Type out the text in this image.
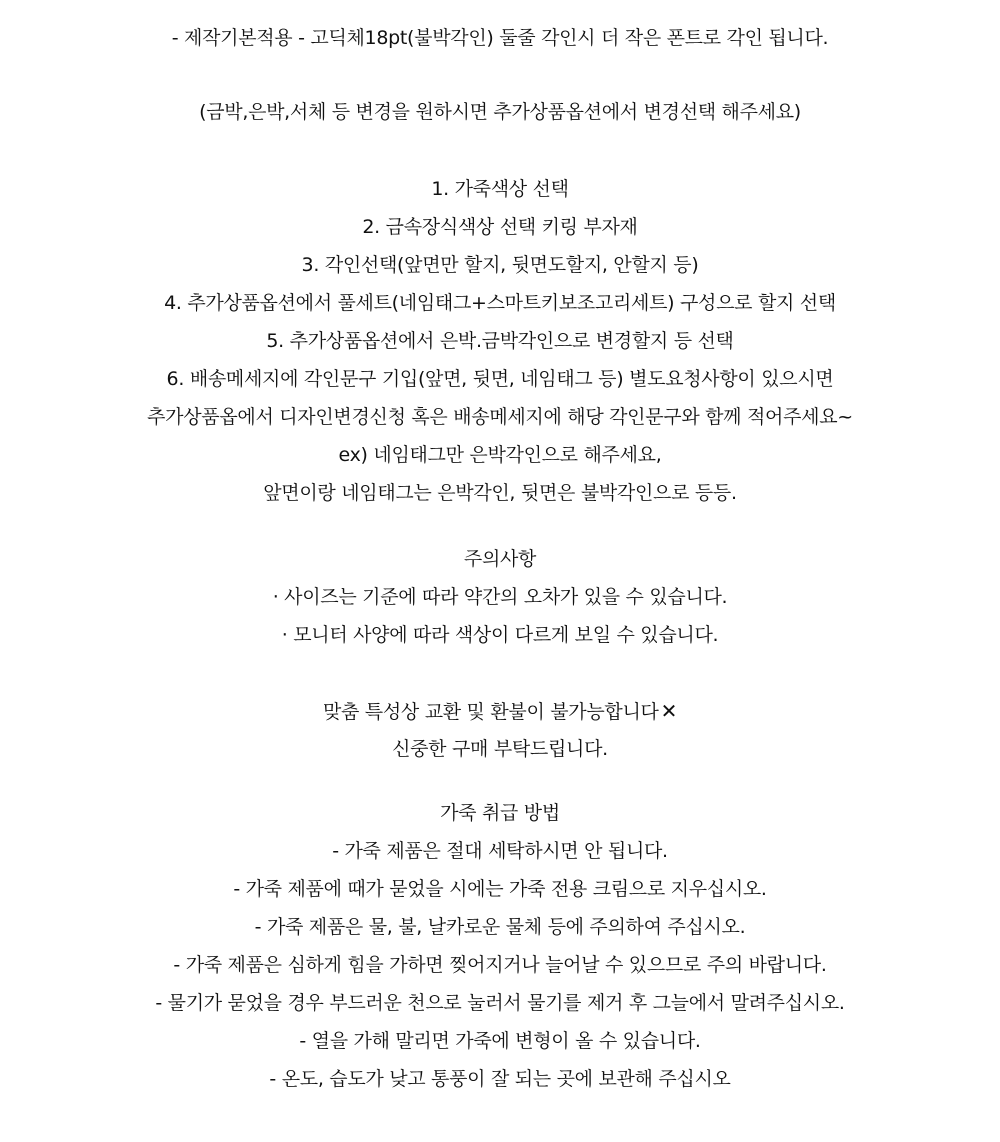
- 제작기본적용 - 고딕체18pt(불박각인) 둘줄 각인시 더 작은 폰트로 각인 됩니다.
(금박,은박,서체 등 변경을 원하시면 추가상품옵션에서 변경선택 해주세요)
1. 가죽색상 선택
2. 금속장식색상 선택 키링 부자재
3. 각인선택(앞면만 할지, 뒷면도할지, 안할지 등)
4. 추가상품옵션에서 풀세트(네임태그+스마트키보조고리세트) 구성으로 할지 선택
5. 추가상품옵션에서 은박.금박각인으로 변경할지 등 선택
6. 배송메세지에 각인문구 기입(앞면, 뒷면, 네임태그 등) 별도요청사항이 있으시면
추가상품옵에서 디자인변경신청 혹은 배송메세지에 해당 각인문구와 함께 적어주세요~
ex) 네임태그만 은박각인으로 해주세요,
앞면이랑 네임태그는 은박각인, 뒷면은 불박각인으로 등등.
주의사항
· 사이즈는 기준에 따라 약간의 오차가 있을 수 있습니다.
· 모니터 사양에 따라 색상이 다르게 보일 수 있습니다.
맞춤 특성상 교환 및 환불이 불가능합니다 ✕
신중한 구매 부탁드립니다.
가죽 취급 방법
- 가죽 제품은 절대 세탁하시면 안 됩니다.
- 가죽 제품에 때가 묻었을 시에는 가죽 전용 크림으로 지우십시오.
- 가죽 제품은 물, 불, 날카로운 물체 등에 주의하여 주십시오.
- 가죽 제품은 심하게 힘을 가하면 찢어지거나 늘어날 수 있으므로 주의 바랍니다.
- 물기가 묻었을 경우 부드러운 천으로 눌러서 물기를 제거 후 그늘에서 말려주십시오.
- 열을 가해 말리면 가죽에 변형이 올 수 있습니다.
- 온도, 습도가 낮고 통풍이 잘 되는 곳에 보관해 주십시오
